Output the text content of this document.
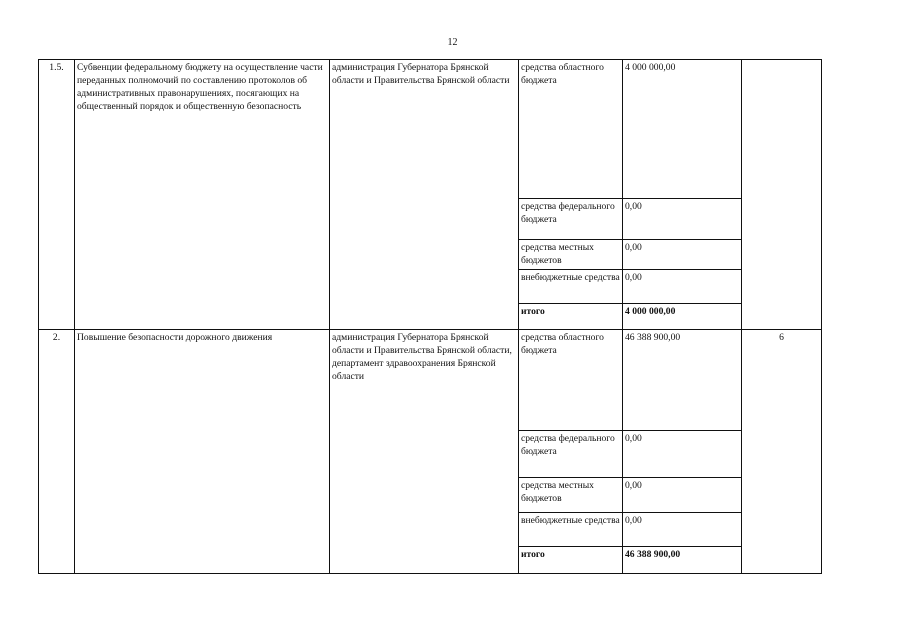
12
1.5.	Субвенции федеральному бюджету на осуществление части переданных полномочий по составлению протоколов об административных правонарушениях, посягающих на общественный порядок и общественную безопасность	администрация Губернатора Брянской области и Правительства Брянской области	средства областного бюджета	4 000 000,00	
			средства федерального бюджета	0,00	
			средства местных бюджетов	0,00	
			внебюджетные средства	0,00	
			итого	4 000 000,00	
2.	Повышение безопасности дорожного движения	администрация Губернатора Брянской области и Правительства Брянской области, департамент здравоохранения Брянской области	средства областного бюджета	46 388 900,00	6
			средства федерального бюджета	0,00	
			средства местных бюджетов	0,00	
			внебюджетные средства	0,00	
			итого	46 388 900,00	
